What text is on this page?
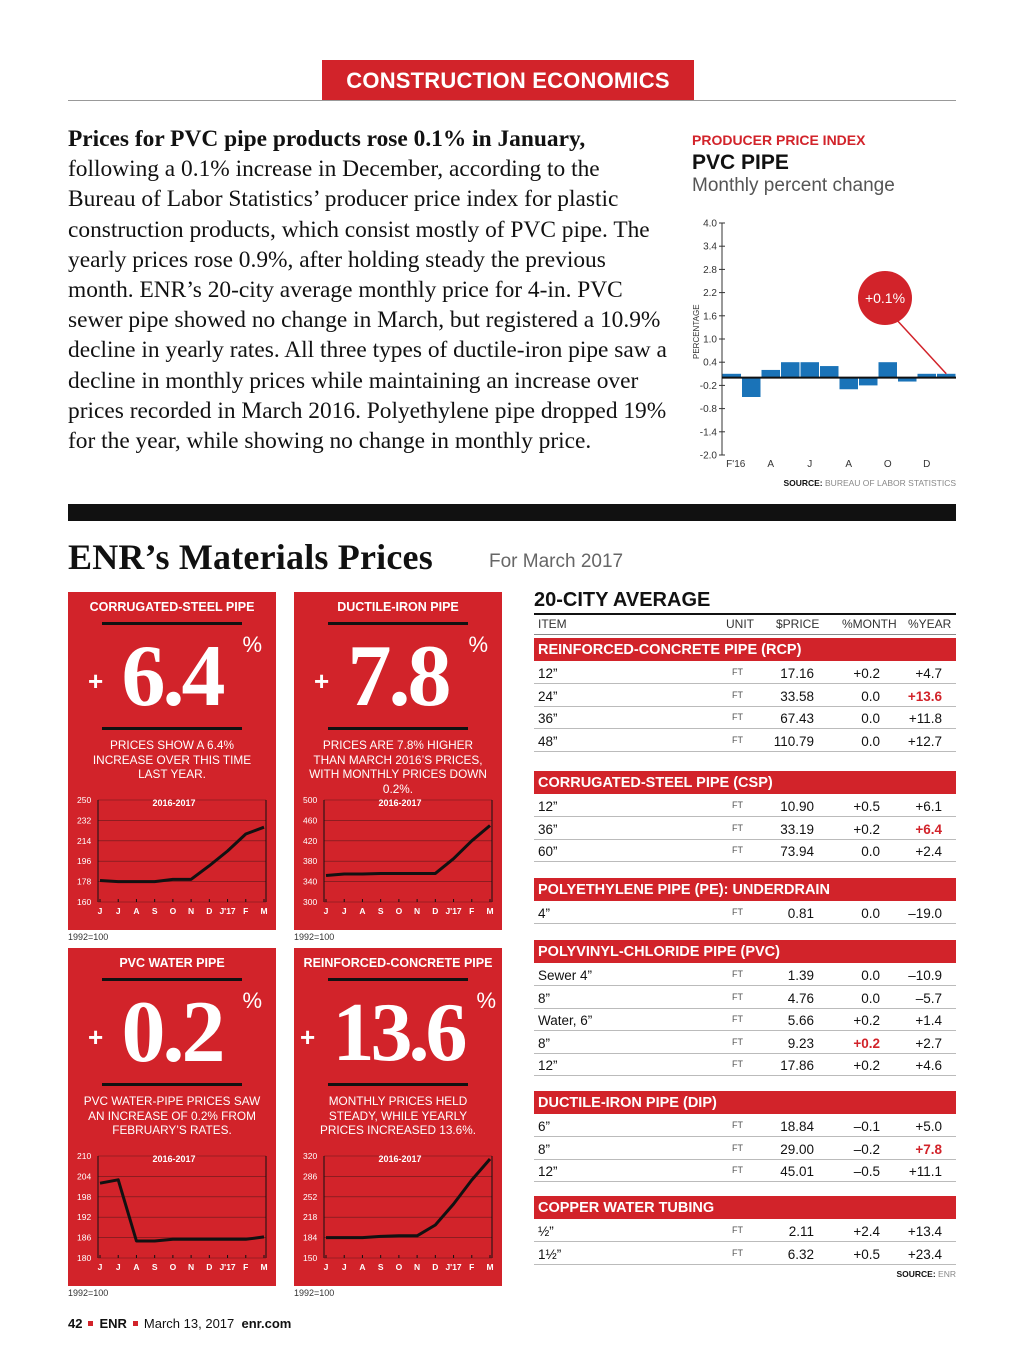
CONSTRUCTION ECONOMICS
Prices for PVC pipe products rose 0.1% in January, following a 0.1% increase in December, according to the Bureau of Labor Statistics’ producer price index for plastic construction products, which consist mostly of PVC pipe. The yearly prices rose 0.9%, after holding steady the previous month. ENR’s 20-city average monthly price for 4-in. PVC sewer pipe showed no change in March, but registered a 10.9% decline in yearly rates. All three types of ductile-iron pipe saw a decline in monthly prices while maintaining an increase over prices recorded in March 2016. Polyethylene pipe dropped 19% for the year, while showing no change in monthly price.
PRODUCER PRICE INDEX
PVC PIPE
Monthly percent change
4.0
3.4
2.8
2.2
1.6
1.0
0.4
-0.2
-0.8
-1.4
-2.0
PERCENTAGE
F'16 A	J	A	O	D
+0.1%
SOURCE: BUREAU OF LABOR STATISTICS
ENR’s Materials Prices	For March 2017
CORRUGATED-STEEL PIPE
+ 6.4 %
PRICES SHOW A 6.4% INCREASE OVER THIS TIME LAST YEAR.
250
232
214
196
178
160
J J A S O N D J'17 F M
2016-2017
1992=100
DUCTILE-IRON PIPE
+ 7.8 %
PRICES ARE 7.8% HIGHER THAN MARCH 2016’S PRICES, WITH MONTHLY PRICES DOWN 0.2%.
500
460
420
380
340
300
J J A S O N D J'17 F M
2016-2017
1992=100
PVC WATER PIPE
+ 0.2 %
PVC WATER-PIPE PRICES SAW AN INCREASE OF 0.2% FROM FEBRUARY’S RATES.
210
204
198
192
186
180
J J A S O N D J'17 F M
2016-2017
1992=100
REINFORCED-CONCRETE PIPE
+ 13.6 %
MONTHLY PRICES HELD STEADY, WHILE YEARLY PRICES INCREASED 13.6%.
320
286
252
218
184
150
J J A S O N D J'17 F M
2016-2017
1992=100
20-CITY AVERAGE
ITEM	UNIT $PRICE %MONTH %YEAR
REINFORCED-CONCRETE PIPE (RCP)
12”	FT	17.16	+0.2	+4.7
24”	FT	33.58	0.0 +13.6
36”	FT	67.43	0.0 +11.8
48”	FT 110.79	0.0 +12.7
CORRUGATED-STEEL PIPE (CSP)
12”	FT	10.90	+0.5	+6.1
36”	FT	33.19	+0.2	+6.4
60”	FT	73.94	0.0	+2.4
POLYETHYLENE PIPE (PE): UNDERDRAIN
4”	FT	0.81	0.0 –19.0
POLYVINYL-CHLORIDE PIPE (PVC)
Sewer 4”	FT	1.39	0.0 –10.9
8”	FT	4.76	0.0	–5.7
Water, 6”	FT	5.66	+0.2	+1.4
8”	FT	9.23	+0.2	+2.7
12”	FT	17.86	+0.2	+4.6
DUCTILE-IRON PIPE (DIP)
6”	FT	18.84	–0.1	+5.0
8”	FT	29.00	–0.2	+7.8
12”	FT	45.01	–0.5 +11.1
COPPER WATER TUBING
½”	FT	2.11	+2.4 +13.4
1½”	FT	6.32	+0.5 +23.4
SOURCE: ENR
42 ENR March 13, 2017 enr.com
